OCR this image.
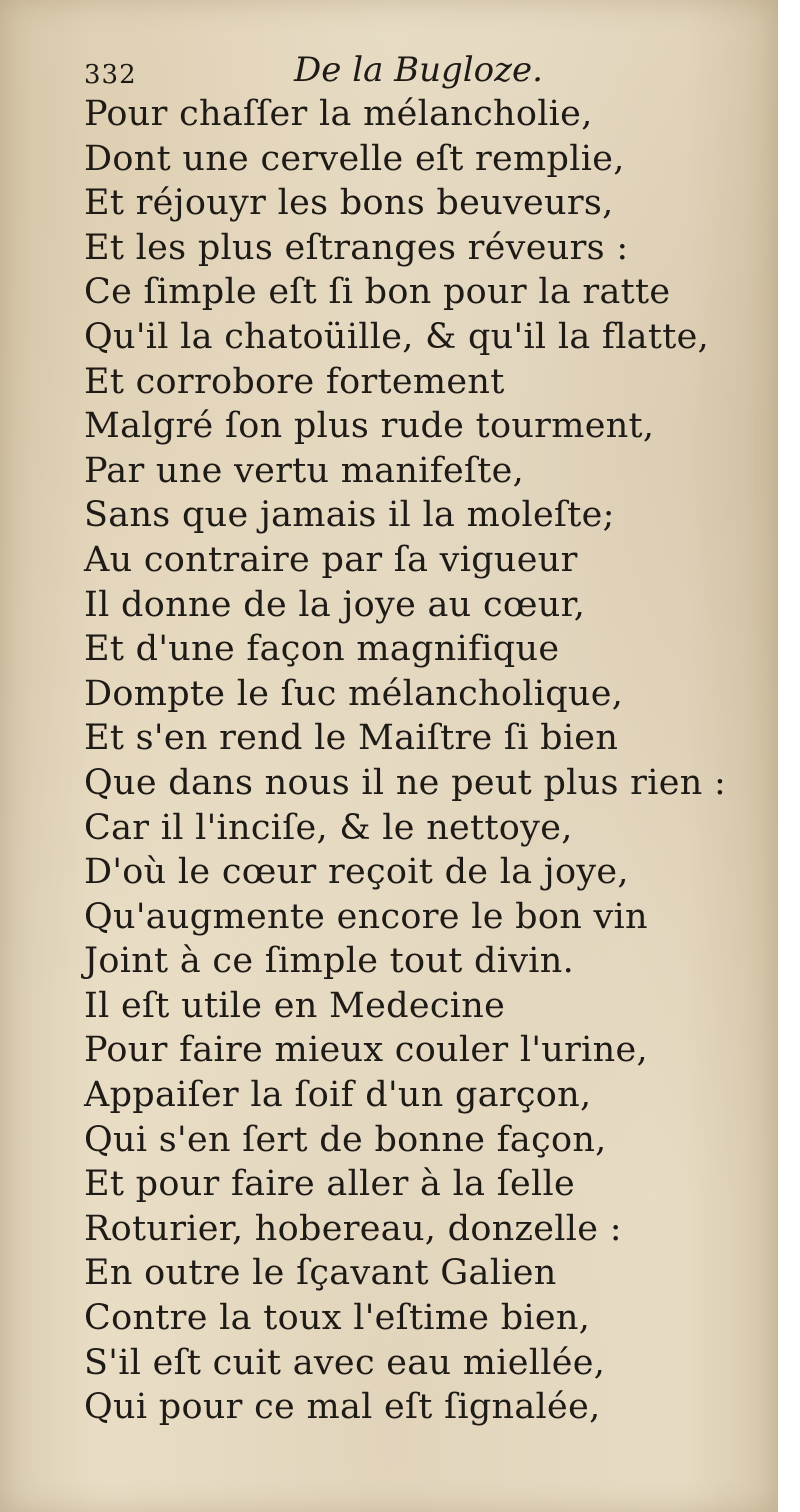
332	De la Bugloze.
Pour chaſſer la mélancholie,
Dont une cervelle eſt remplie,
Et réjouyr les bons beuveurs,
Et les plus eſtranges réveurs :
Ce ſimple eſt ſi bon pour la ratte
Qu'il la chatoüille, & qu'il la flatte,
Et corrobore fortement
Malgré ſon plus rude tourment,
Par une vertu manifeſte,
Sans que jamais il la moleſte;
Au contraire par ſa vigueur
Il donne de la joye au cœur,
Et d'une façon magnifique
Dompte le ſuc mélancholique,
Et s'en rend le Maiſtre ſi bien
Que dans nous il ne peut plus rien :
Car il l'inciſe, & le nettoye,
D'où le cœur reçoit de la joye,
Qu'augmente encore le bon vin
Joint à ce ſimple tout divin.
Il eſt utile en Medecine
Pour faire mieux couler l'urine,
Appaiſer la ſoif d'un garçon,
Qui s'en ſert de bonne façon,
Et pour faire aller à la ſelle
Roturier, hobereau, donzelle :
En outre le ſçavant Galien
Contre la toux l'eſtime bien,
S'il eſt cuit avec eau miellée,
Qui pour ce mal eſt ſignalée,
